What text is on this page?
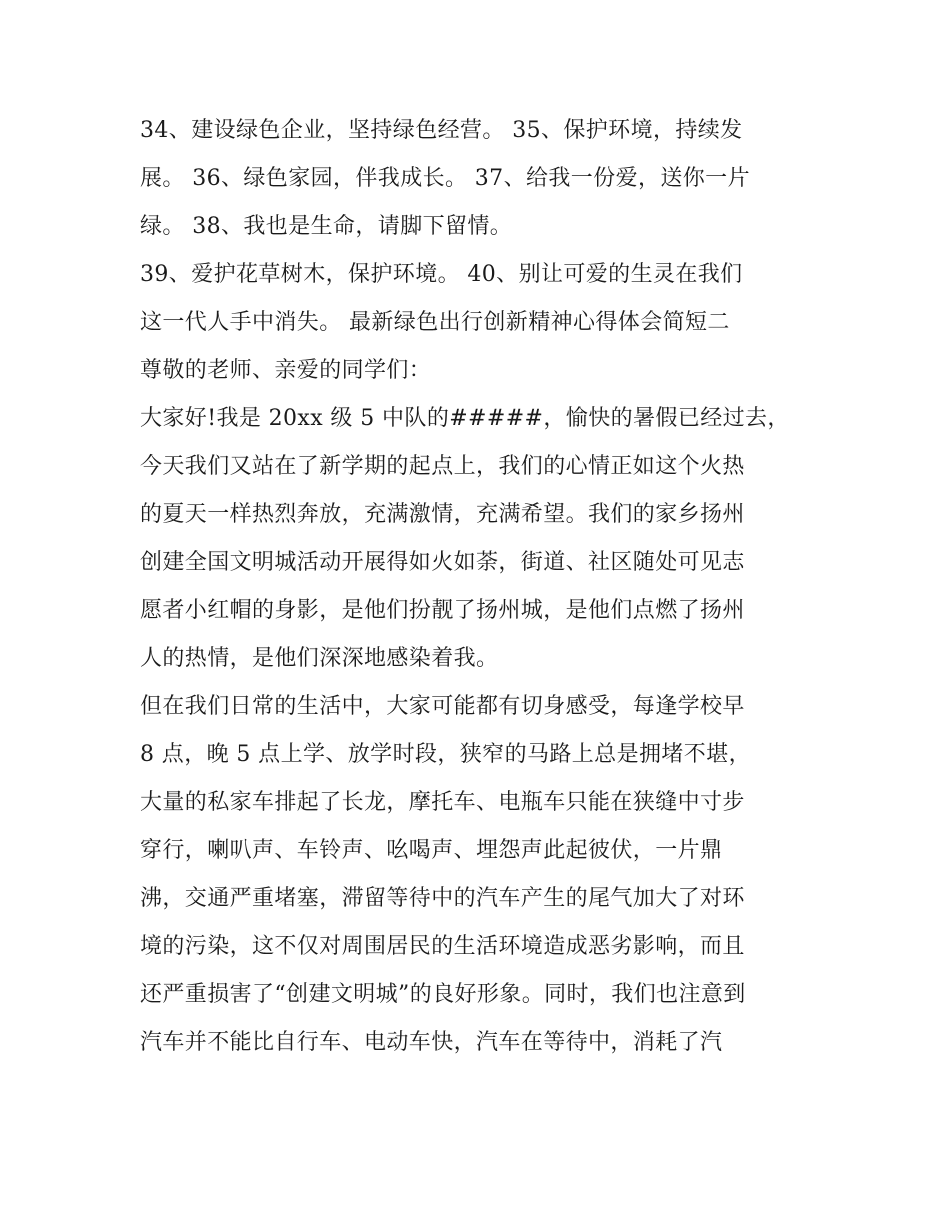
34、建设绿色企业，坚持绿色经营。 35、保护环境，持续发
展。 36、绿色家园，伴我成长。 37、给我一份爱，送你一片
绿。 38、我也是生命，请脚下留情。
39、爱护花草树木，保护环境。 40、别让可爱的生灵在我们
这一代人手中消失。 最新绿色出行创新精神心得体会简短二
尊敬的老师、亲爱的同学们：
大家好!我是 20xx 级 5 中队的#####，愉快的暑假已经过去，
今天我们又站在了新学期的起点上，我们的心情正如这个火热
的夏天一样热烈奔放，充满激情，充满希望。我们的家乡扬州
创建全国文明城活动开展得如火如荼，街道、社区随处可见志
愿者小红帽的身影，是他们扮靓了扬州城，是他们点燃了扬州
人的热情，是他们深深地感染着我。
但在我们日常的生活中，大家可能都有切身感受，每逢学校早
8 点，晚 5 点上学、放学时段，狭窄的马路上总是拥堵不堪，
大量的私家车排起了长龙，摩托车、电瓶车只能在狭缝中寸步
穿行，喇叭声、车铃声、吆喝声、埋怨声此起彼伏，一片鼎
沸，交通严重堵塞，滞留等待中的汽车产生的尾气加大了对环
境的污染，这不仅对周围居民的生活环境造成恶劣影响，而且
还严重损害了“创建文明城”的良好形象。同时，我们也注意到
汽车并不能比自行车、电动车快，汽车在等待中，消耗了汽
